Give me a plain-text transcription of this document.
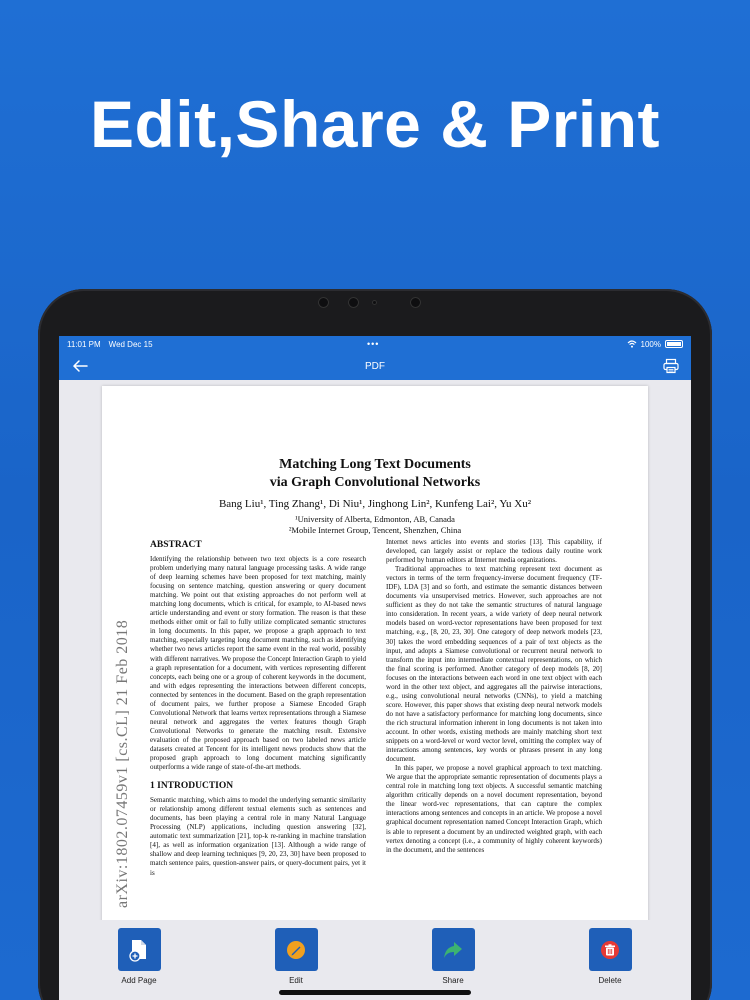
Edit,Share & Print
11:01 PM Wed Dec 15	•••	100%
PDF
Matching Long Text Documents
via Graph Convolutional Networks
Bang Liu¹, Ting Zhang¹, Di Niu¹, Jinghong Lin², Kunfeng Lai², Yu Xu²
¹University of Alberta, Edmonton, AB, Canada
²Mobile Internet Group, Tencent, Shenzhen, China
arXiv:1802.07459v1 [cs.CL] 21 Feb 2018
ABSTRACT
Identifying the relationship between two text objects is a core research problem underlying many natural language processing tasks. A wide range of deep learning schemes have been proposed for text matching, mainly focusing on sentence matching, question answering or query document matching. We point out that existing approaches do not perform well at matching long documents, which is critical, for example, to AI-based news article understanding and event or story formation. The reason is that these methods either omit or fail to fully utilize complicated semantic structures in long documents. In this paper, we propose a graph approach to text matching, especially targeting long document matching, such as identifying whether two news articles report the same event in the real world, possibly with different narratives. We propose the Concept Interaction Graph to yield a graph representation for a document, with vertices representing different concepts, each being one or a group of coherent keywords in the document, and with edges representing the interactions between different concepts, connected by sentences in the document. Based on the graph representation of document pairs, we further propose a Siamese Encoded Graph Convolutional Network that learns vertex representations through a Siamese neural network and aggregates the vertex features though Graph Convolutional Networks to generate the matching result. Extensive evaluation of the proposed approach based on two labeled news article datasets created at Tencent for its intelligent news products show that the proposed graph approach to long document matching significantly outperforms a wide range of state-of-the-art methods.
1 INTRODUCTION
Semantic matching, which aims to model the underlying semantic similarity or relationship among different textual elements such as sentences and documents, has been playing a central role in many Natural Language Processing (NLP) applications, including question answering [32], automatic text summarization [21], top-k re-ranking in machine translation [4], as well as information organization [13]. Although a wide range of shallow and deep learning techniques [9, 20, 23, 30] have been proposed to match sentence pairs, question-answer pairs, or query-document pairs, yet it is
Internet news articles into events and stories [13]. This capability, if developed, can largely assist or replace the tedious daily routine work performed by human editors at Internet media organizations.
Traditional approaches to text matching represent text document as vectors in terms of the term frequency-inverse document frequency (TF-IDF), LDA [3] and so forth, and estimate the semantic distances between documents via unsupervised metrics. However, such approaches are not sufficient as they do not take the semantic structures of natural language into consideration. In recent years, a wide variety of deep neural network models based on word-vector representations have been proposed for text matching, e.g., [8, 20, 23, 30]. One category of deep network models [23, 30] takes the word embedding sequences of a pair of text objects as the input, and adopts a Siamese convolutional or recurrent neural network to transform the input into intermediate contextual representations, on which the final scoring is performed. Another category of deep models [8, 20] focuses on the interactions between each word in one text object with each word in the other text object, and aggregates all the pairwise interactions, e.g., using convolutional neural networks (CNNs), to yield a matching score. However, this paper shows that existing deep neural network models do not have a satisfactory performance for matching long documents, since the rich structural information inherent in long documents is not taken into account. In other words, existing methods are mainly matching short text snippets on a word-level or word vector level, omitting the complex way of interactions among sentences, key words or phrases present in any long document.
In this paper, we propose a novel graphical approach to text matching. We argue that the appropriate semantic representation of documents plays a central role in matching long text objects. A successful semantic matching algorithm critically depends on a novel document representation, beyond the linear word-vec representations, that can capture the complex interactions among sentences and concepts in an article. We propose a novel graphical document representation named Concept Interaction Graph, which is able to represent a document by an undirected weighted graph, with each vertex denoting a concept (i.e., a community of highly coherent keywords) in the document, and the sentences
Add Page	Edit	Share	Delete
